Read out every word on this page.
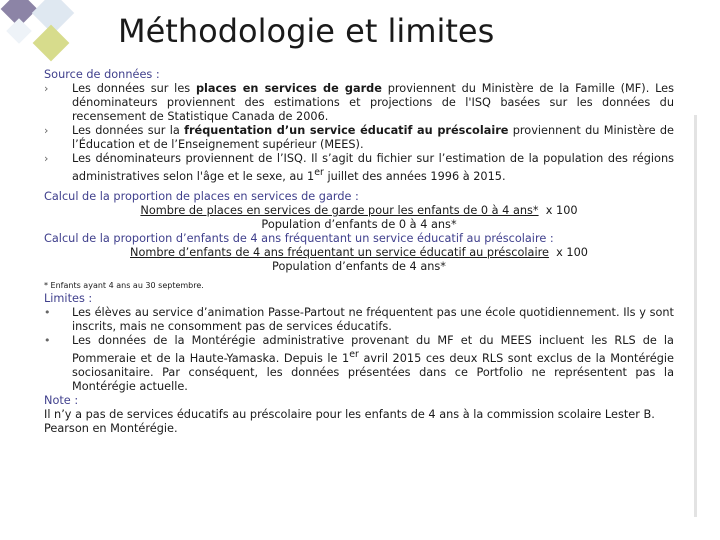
Méthodologie et limites
Source de données :
› Les données sur les places en services de garde proviennent du Ministère de la Famille (MF). Les dénominateurs proviennent des estimations et projections de l'ISQ basées sur les données du recensement de Statistique Canada de 2006.
› Les données sur la fréquentation d’un service éducatif au préscolaire proviennent du Ministère de l’Éducation et de l’Enseignement supérieur (MEES).
› Les dénominateurs proviennent de l’ISQ. Il s’agit du fichier sur l’estimation de la population des régions administratives selon l'âge et le sexe, au 1er juillet des années 1996 à 2015.
Calcul de la proportion de places en services de garde :
Nombre de places en services de garde pour les enfants de 0 à 4 ans* x 100
Population d’enfants de 0 à 4 ans*
Calcul de la proportion d’enfants de 4 ans fréquentant un service éducatif au préscolaire :
Nombre d’enfants de 4 ans fréquentant un service éducatif au préscolaire x 100
Population d’enfants de 4 ans*
* Enfants ayant 4 ans au 30 septembre.
Limites :
• Les élèves au service d’animation Passe-Partout ne fréquentent pas une école quotidiennement. Ils y sont inscrits, mais ne consomment pas de services éducatifs.
• Les données de la Montérégie administrative provenant du MF et du MEES incluent les RLS de la Pommeraie et de la Haute-Yamaska. Depuis le 1er avril 2015 ces deux RLS sont exclus de la Montérégie sociosanitaire. Par conséquent, les données présentées dans ce Portfolio ne représentent pas la Montérégie actuelle.
Note :
Il n’y a pas de services éducatifs au préscolaire pour les enfants de 4 ans à la commission scolaire Lester B. Pearson en Montérégie.
